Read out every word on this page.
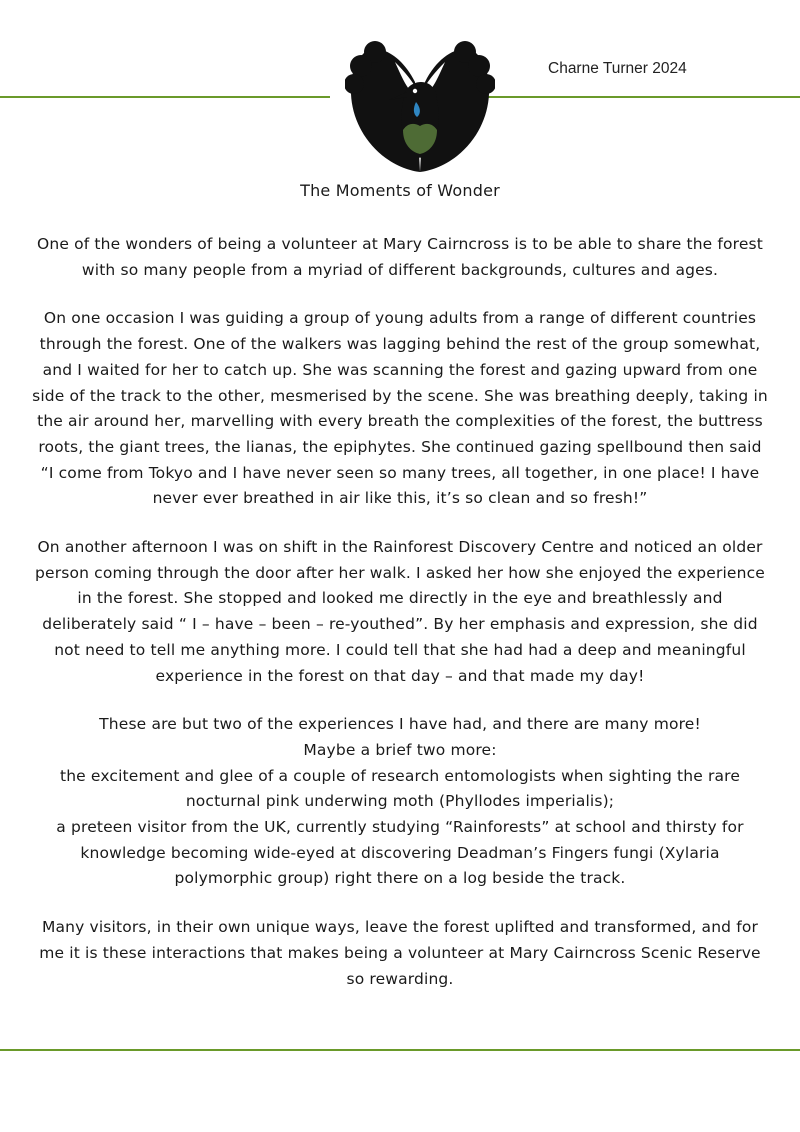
Charne Turner 2024
The Moments of Wonder

One of the wonders of being a volunteer at Mary Cairncross is to be able to share the forest with so many people from a myriad of different backgrounds, cultures and ages.

On one occasion I was guiding a group of young adults from a range of different countries through the forest. One of the walkers was lagging behind the rest of the group somewhat, and I waited for her to catch up. She was scanning the forest and gazing upward from one side of the track to the other, mesmerised by the scene. She was breathing deeply, taking in the air around her, marvelling with every breath the complexities of the forest, the buttress roots, the giant trees, the lianas, the epiphytes. She continued gazing spellbound then said “I come from Tokyo and I have never seen so many trees, all together, in one place! I have never ever breathed in air like this, it’s so clean and so fresh!”

On another afternoon I was on shift in the Rainforest Discovery Centre and noticed an older person coming through the door after her walk. I asked her how she enjoyed the experience in the forest. She stopped and looked me directly in the eye and breathlessly and deliberately said “ I – have – been – re-youthed”. By her emphasis and expression, she did not need to tell me anything more. I could tell that she had had a deep and meaningful experience in the forest on that day – and that made my day!

These are but two of the experiences I have had, and there are many more!
Maybe a brief two more:
the excitement and glee of a couple of research entomologists when sighting the rare nocturnal pink underwing moth (Phyllodes imperialis);
a preteen visitor from the UK, currently studying “Rainforests” at school and thirsty for knowledge becoming wide-eyed at discovering Deadman’s Fingers fungi (Xylaria polymorphic group) right there on a log beside the track.

Many visitors, in their own unique ways, leave the forest uplifted and transformed, and for me it is these interactions that makes being a volunteer at Mary Cairncross Scenic Reserve so rewarding.
